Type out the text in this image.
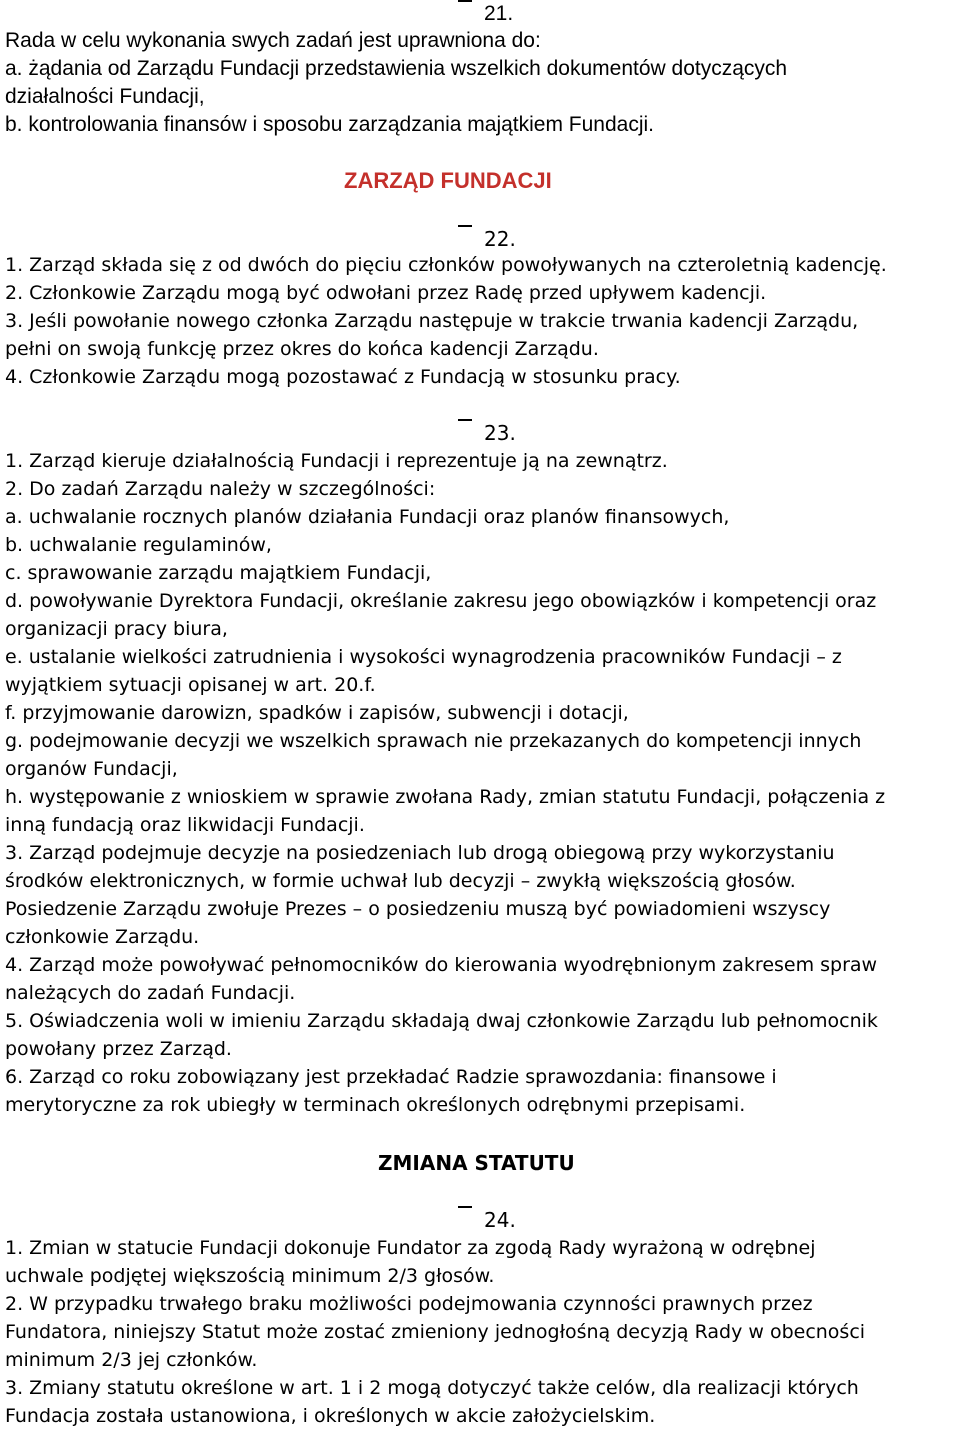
21.
Rada w celu wykonania swych zadań jest uprawniona do:
a. żądania od Zarządu Fundacji przedstawienia wszelkich dokumentów dotyczących
działalności Fundacji,
b. kontrolowania finansów i sposobu zarządzania majątkiem Fundacji.
ZARZĄD FUNDACJI
22.
1. Zarząd składa się z od dwóch do pięciu członków powoływanych na czteroletnią kadencję.
2. Członkowie Zarządu mogą być odwołani przez Radę przed upływem kadencji.
3. Jeśli powołanie nowego członka Zarządu następuje w trakcie trwania kadencji Zarządu,
pełni on swoją funkcję przez okres do końca kadencji Zarządu.
4. Członkowie Zarządu mogą pozostawać z Fundacją w stosunku pracy.
23.
1. Zarząd kieruje działalnością Fundacji i reprezentuje ją na zewnątrz.
2. Do zadań Zarządu należy w szczególności:
a. uchwalanie rocznych planów działania Fundacji oraz planów finansowych,
b. uchwalanie regulaminów,
c. sprawowanie zarządu majątkiem Fundacji,
d. powoływanie Dyrektora Fundacji, określanie zakresu jego obowiązków i kompetencji oraz
organizacji pracy biura,
e. ustalanie wielkości zatrudnienia i wysokości wynagrodzenia pracowników Fundacji – z
wyjątkiem sytuacji opisanej w art. 20.f.
f. przyjmowanie darowizn, spadków i zapisów, subwencji i dotacji,
g. podejmowanie decyzji we wszelkich sprawach nie przekazanych do kompetencji innych
organów Fundacji,
h. występowanie z wnioskiem w sprawie zwołana Rady, zmian statutu Fundacji, połączenia z
inną fundacją oraz likwidacji Fundacji.
3. Zarząd podejmuje decyzje na posiedzeniach lub drogą obiegową przy wykorzystaniu
środków elektronicznych, w formie uchwał lub decyzji – zwykłą większością głosów.
Posiedzenie Zarządu zwołuje Prezes – o posiedzeniu muszą być powiadomieni wszyscy
członkowie Zarządu.
4. Zarząd może powoływać pełnomocników do kierowania wyodrębnionym zakresem spraw
należących do zadań Fundacji.
5. Oświadczenia woli w imieniu Zarządu składają dwaj członkowie Zarządu lub pełnomocnik
powołany przez Zarząd.
6. Zarząd co roku zobowiązany jest przekładać Radzie sprawozdania: finansowe i
merytoryczne za rok ubiegły w terminach określonych odrębnymi przepisami.
ZMIANA STATUTU
24.
1. Zmian w statucie Fundacji dokonuje Fundator za zgodą Rady wyrażoną w odrębnej
uchwale podjętej większością minimum 2/3 głosów.
2. W przypadku trwałego braku możliwości podejmowania czynności prawnych przez
Fundatora, niniejszy Statut może zostać zmieniony jednogłośną decyzją Rady w obecności
minimum 2/3 jej członków.
3. Zmiany statutu określone w art. 1 i 2 mogą dotyczyć także celów, dla realizacji których
Fundacja została ustanowiona, i określonych w akcie założycielskim.
